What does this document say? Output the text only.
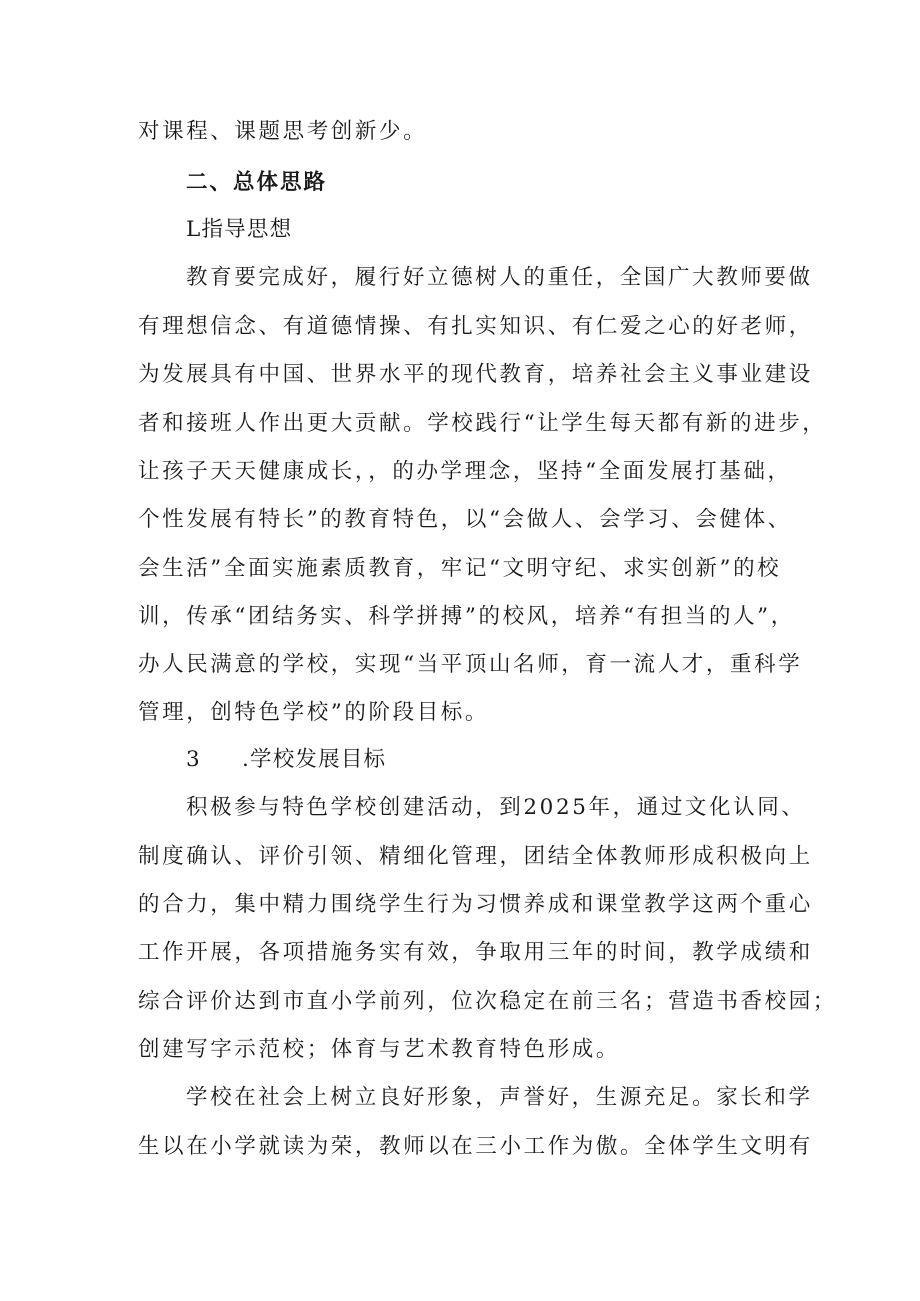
对课程、课题思考创新少。
二、总体思路
L指导思想
教育要完成好，履行好立德树人的重任，全国广大教师要做
有理想信念、有道德情操、有扎实知识、有仁爱之心的好老师，
为发展具有中国、世界水平的现代教育，培养社会主义事业建设
者和接班人作出更大贡献。学校践行“让学生每天都有新的进步，
让孩子天天健康成长，，的办学理念，坚持“全面发展打基础，
个性发展有特长”的教育特色，以“会做人、会学习、会健体、
会生活”全面实施素质教育，牢记“文明守纪、求实创新”的校
训，传承“团结务实、科学拼搏”的校风，培养“有担当的人”，
办人民满意的学校，实现“当平顶山名师，育一流人才，重科学
管理，创特色学校”的阶段目标。
3 .学校发展目标
积极参与特色学校创建活动，到2025年，通过文化认同、
制度确认、评价引领、精细化管理，团结全体教师形成积极向上
的合力，集中精力围绕学生行为习惯养成和课堂教学这两个重心
工作开展，各项措施务实有效，争取用三年的时间，教学成绩和
综合评价达到市直小学前列，位次稳定在前三名；营造书香校园；
创建写字示范校；体育与艺术教育特色形成。
学校在社会上树立良好形象，声誉好，生源充足。家长和学
生以在小学就读为荣，教师以在三小工作为傲。全体学生文明有
